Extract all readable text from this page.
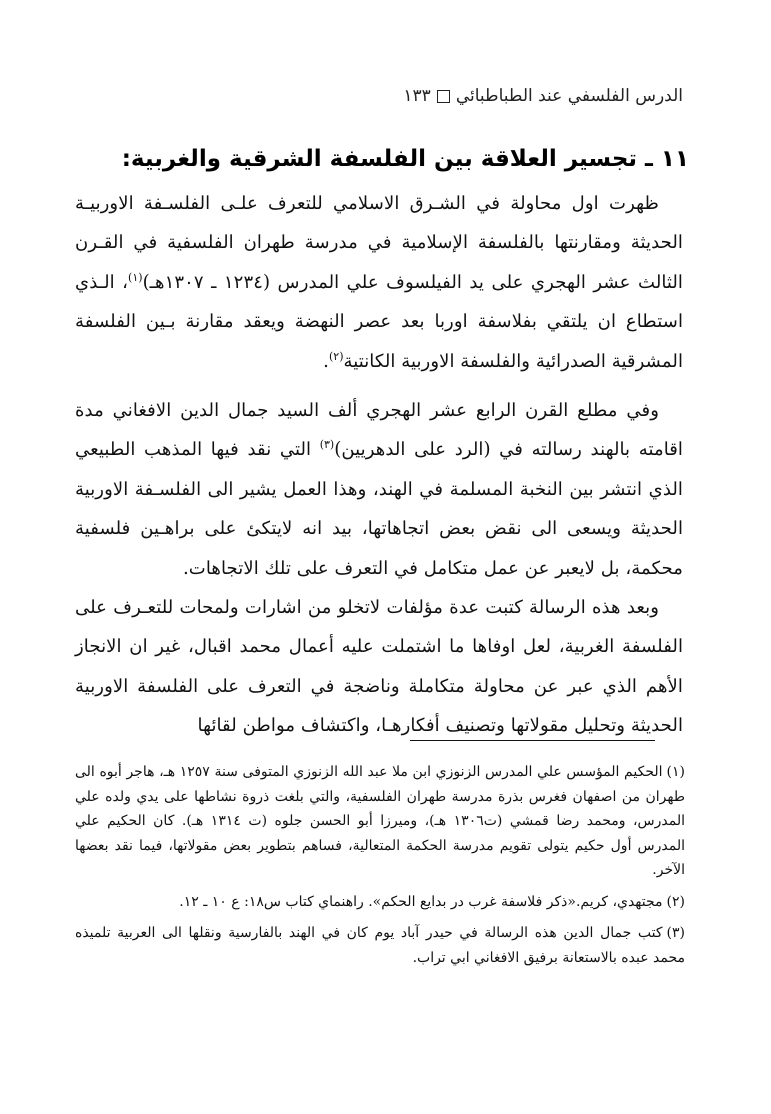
الدرس الفلسفي عند الطباطبائي١٣٣
١١ ـ تجسير العلاقة بين الفلسفة الشرقية والغربية:

ظهرت اول محاولة في الشـرق الاسلامي للتعرف علـى الفلسـفة الاوربيـة الحديثة ومقارنتها بالفلسفة الإسلامية في مدرسة طهران الفلسفية في القـرن الثالث عشر الهجري على يد الفيلسوف علي المدرس (١٢٣٤ ـ ١٣٠٧هـ)$^{(١)}$، الـذي استطاع ان يلتقي بفلاسفة اوربا بعد عصر النهضة ويعقد مقارنة بـين الفلسفة المشرقية الصدرائية والفلسفة الاوربية الكانتية$^{(٢)}$.

وفي مطلع القرن الرابع عشر الهجري ألف السيد جمال الدين الافغاني مدة اقامته بالهند رسالته في (الرد على الدهريين)$^{(٣)}$ التي نقد فيها المذهب الطبيعي الذي انتشر بين النخبة المسلمة في الهند، وهذا العمل يشير الى الفلسـفة الاوربية الحديثة ويسعى الى نقض بعض اتجاهاتها، بيد انه لايتكئ على براهـين فلسفية محكمة، بل لايعبر عن عمل متكامل في التعرف على تلك الاتجاهات.

وبعد هذه الرسالة كتبت عدة مؤلفات لاتخلو من اشارات ولمحات للتعـرف على الفلسفة الغربية، لعل اوفاها ما اشتملت عليه أعمال محمد اقبال، غير ان الانجاز الأهم الذي عبر عن محاولة متكاملة وناضجة في التعرف على الفلسفة الاوربية الحديثة وتحليل مقولاتها وتصنيف أفكارهـا، واكتشاف مواطن لقائها

(١)الحكيم المؤسس علي المدرس الزنوزي ابن ملا عبد الله الزنوزي المتوفى سنة ١٢٥٧ هـ، هاجر أبوه الى طهران من اصفهان فغرس بذرة مدرسة طهران الفلسفية، والتي بلغت ذروة نشاطها على يدي ولده علي المدرس، ومحمد رضا قمشي (ت١٣٠٦ هـ)، وميرزا أبو الحسن جلوه (ت ١٣١٤ هـ). كان الحكيم علي المدرس أول حكيم يتولى تقويم مدرسة الحكمة المتعالية، فساهم بتطوير بعض مقولاتها، فيما نقد بعضها الآخر.

(٢)مجتهدي، كريم.«ذكر فلاسفة غرب در بدايع الحكم». راهنماي كتاب س١٨: ع ١٠ ـ ١٢.

(٣)كتب جمال الدين هذه الرسالة في حيدر آباد يوم كان في الهند بالفارسية ونقلها الى العربية تلميذه محمد عبده بالاستعانة برفيق الافغاني ابي تراب.
